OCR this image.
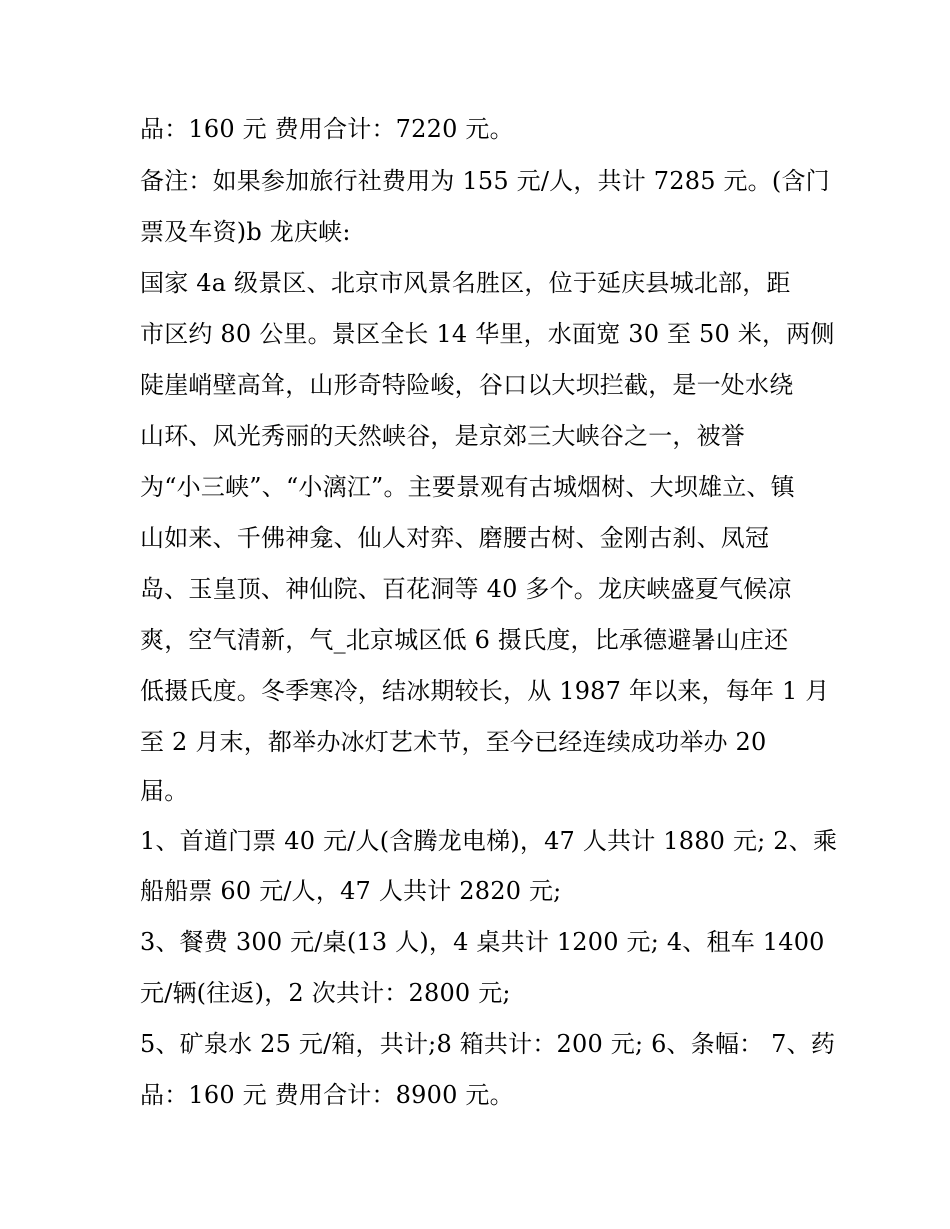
品：160 元 费用合计：7220 元。
备注：如果参加旅行社费用为 155 元/人，共计 7285 元。(含门
票及车资)b 龙庆峡:
国家 4a 级景区、北京市风景名胜区，位于延庆县城北部，距
市区约 80 公里。景区全长 14 华里，水面宽 30 至 50 米，两侧
陡崖峭壁高耸，山形奇特险峻，谷口以大坝拦截，是一处水绕
山环、风光秀丽的天然峡谷，是京郊三大峡谷之一，被誉
为“小三峡”、“小漓江”。主要景观有古城烟树、大坝雄立、镇
山如来、千佛神龛、仙人对弈、磨腰古树、金刚古刹、凤冠
岛、玉皇顶、神仙院、百花洞等 40 多个。龙庆峡盛夏气候凉
爽，空气清新，气_北京城区低 6 摄氏度，比承德避暑山庄还
低摄氏度。冬季寒冷，结冰期较长，从 1987 年以来，每年 1 月
至 2 月末，都举办冰灯艺术节，至今已经连续成功举办 20
届。
1、首道门票 40 元/人(含腾龙电梯)，47 人共计 1880 元; 2、乘
船船票 60 元/人，47 人共计 2820 元;
3、餐费 300 元/桌(13 人)，4 桌共计 1200 元; 4、租车 1400
元/辆(往返)，2 次共计：2800 元;
5、矿泉水 25 元/箱，共计;8 箱共计：200 元; 6、条幅： 7、药
品：160 元 费用合计：8900 元。
